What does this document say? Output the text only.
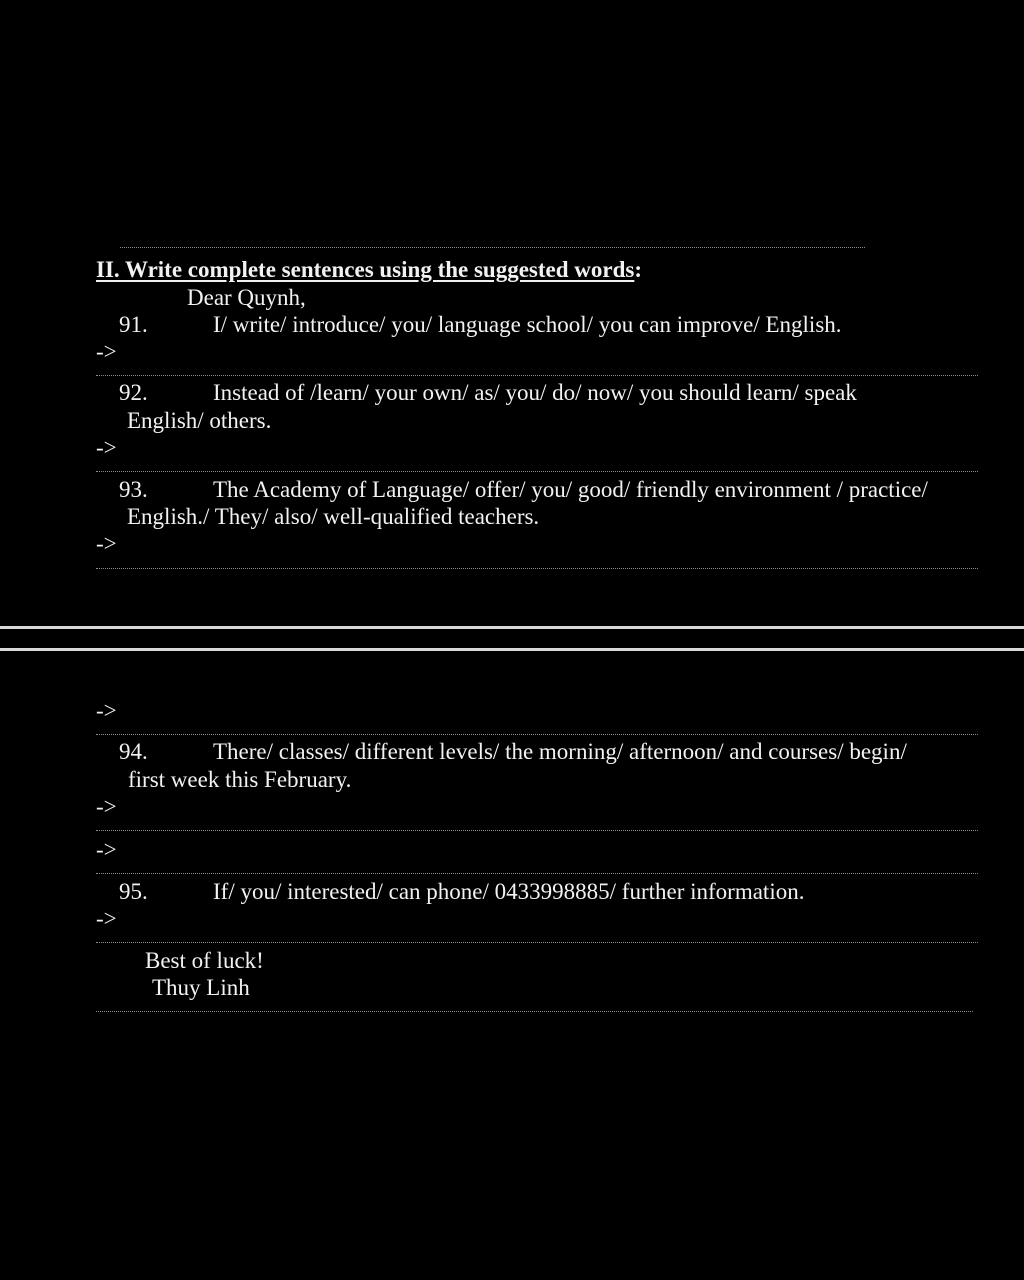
II. Write complete sentences using the suggested words:
Dear Quynh,
91.	I/ write/ introduce/ you/ language school/ you can improve/ English.
->
92.	Instead of /learn/ your own/ as/ you/ do/ now/ you should learn/ speak
English/ others.
->
93.	The Academy of Language/ offer/ you/ good/ friendly environment / practice/
English./ They/ also/ well-qualified teachers.
->
->
94.	There/ classes/ different levels/ the morning/ afternoon/ and courses/ begin/
first week this February.
->
->
95.	If/ you/ interested/ can phone/ 0433998885/ further information.
->
Best of luck!
Thuy Linh
